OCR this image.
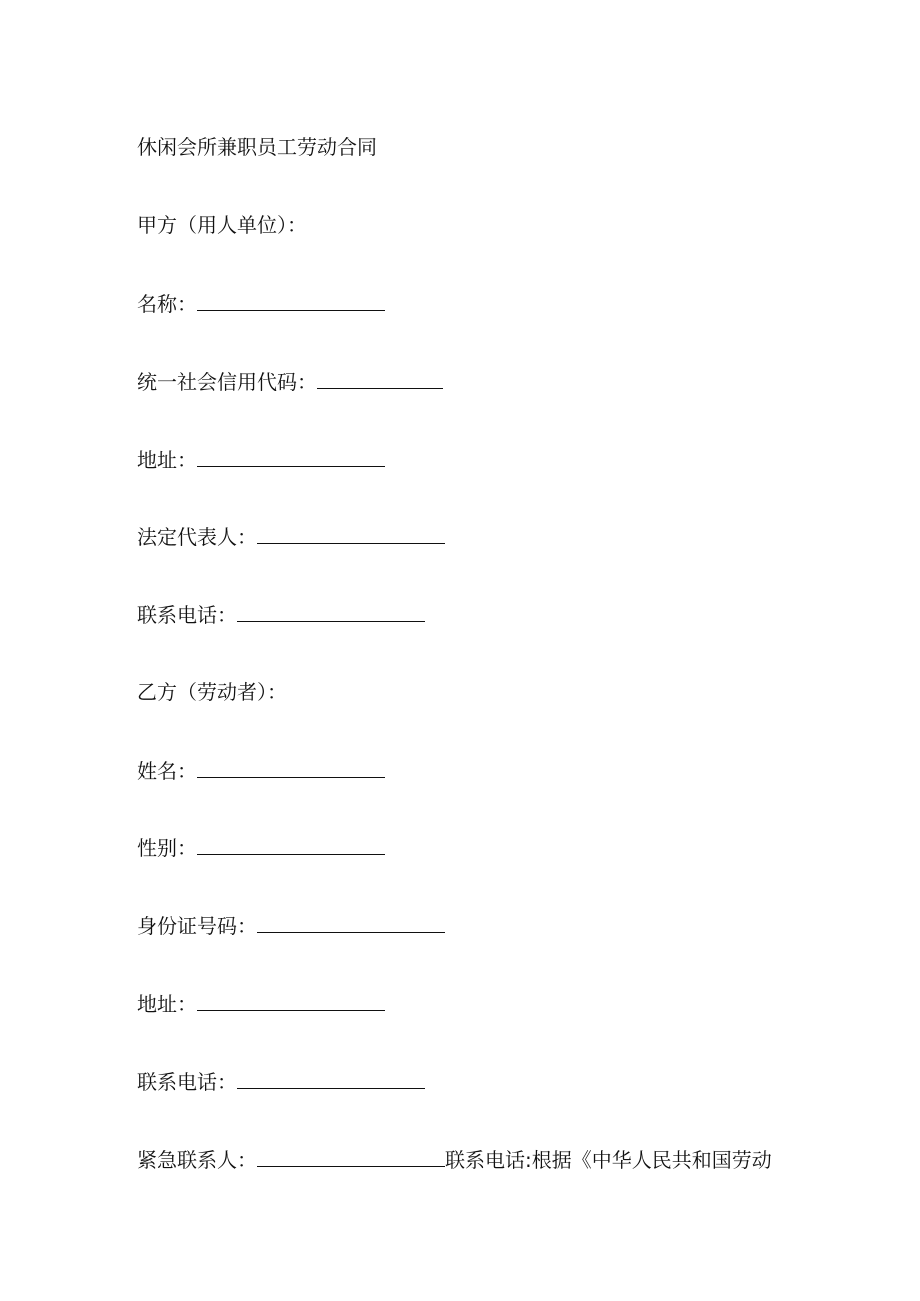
休闲会所兼职员工劳动合同
甲方（用人单位）：
名称：
统一社会信用代码：
地址：
法定代表人：
联系电话：
乙方（劳动者）：
姓名：
性别：
身份证号码：
地址：
联系电话：
紧急联系人：	联系电话:根据《中华人民共和国劳动
